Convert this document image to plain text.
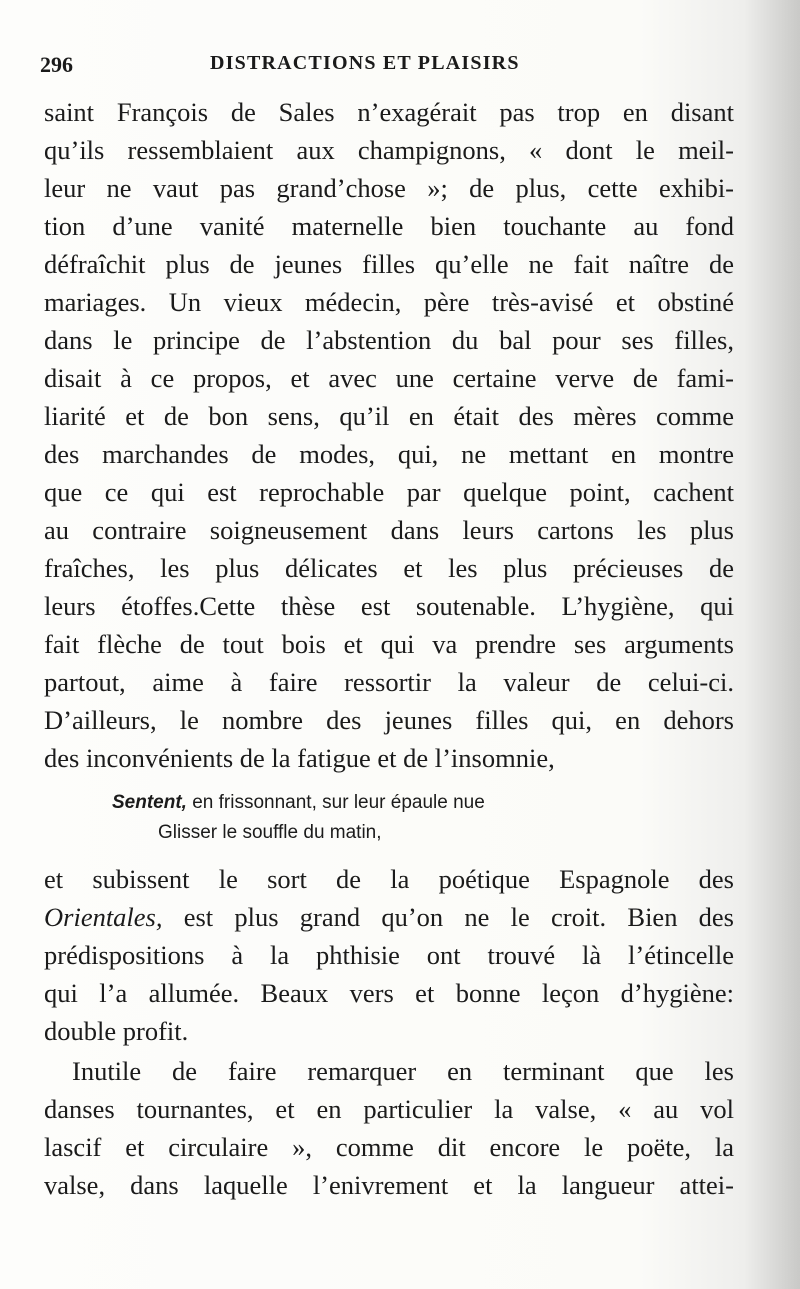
296	DISTRACTIONS ET PLAISIRS
saint François de Sales n’exagérait pas trop en disant
qu’ils ressemblaient aux champignons, « dont le meil-
leur ne vaut pas grand’chose »; de plus, cette exhibi-
tion d’une vanité maternelle bien touchante au fond
défraîchit plus de jeunes filles qu’elle ne fait naître de
mariages. Un vieux médecin, père très-avisé et obstiné
dans le principe de l’abstention du bal pour ses filles,
disait à ce propos, et avec une certaine verve de fami-
liarité et de bon sens, qu’il en était des mères comme
des marchandes de modes, qui, ne mettant en montre
que ce qui est reprochable par quelque point, cachent
au contraire soigneusement dans leurs cartons les plus
fraîches, les plus délicates et les plus précieuses de
leurs étoffes.Cette thèse est soutenable. L’hygiène, qui
fait flèche de tout bois et qui va prendre ses arguments
partout, aime à faire ressortir la valeur de celui-ci.
D’ailleurs, le nombre des jeunes filles qui, en dehors
des inconvénients de la fatigue et de l’insomnie,
Sentent, en frissonnant, sur leur épaule nue
Glisser le souffle du matin,
et subissent le sort de la poétique Espagnole des
Orientales, est plus grand qu’on ne le croit. Bien des
prédispositions à la phthisie ont trouvé là l’étincelle
qui l’a allumée. Beaux vers et bonne leçon d’hygiène:
double profit.
Inutile de faire remarquer en terminant que les
danses tournantes, et en particulier la valse, « au vol
lascif et circulaire », comme dit encore le poëte, la
valse, dans laquelle l’enivrement et la langueur attei-
